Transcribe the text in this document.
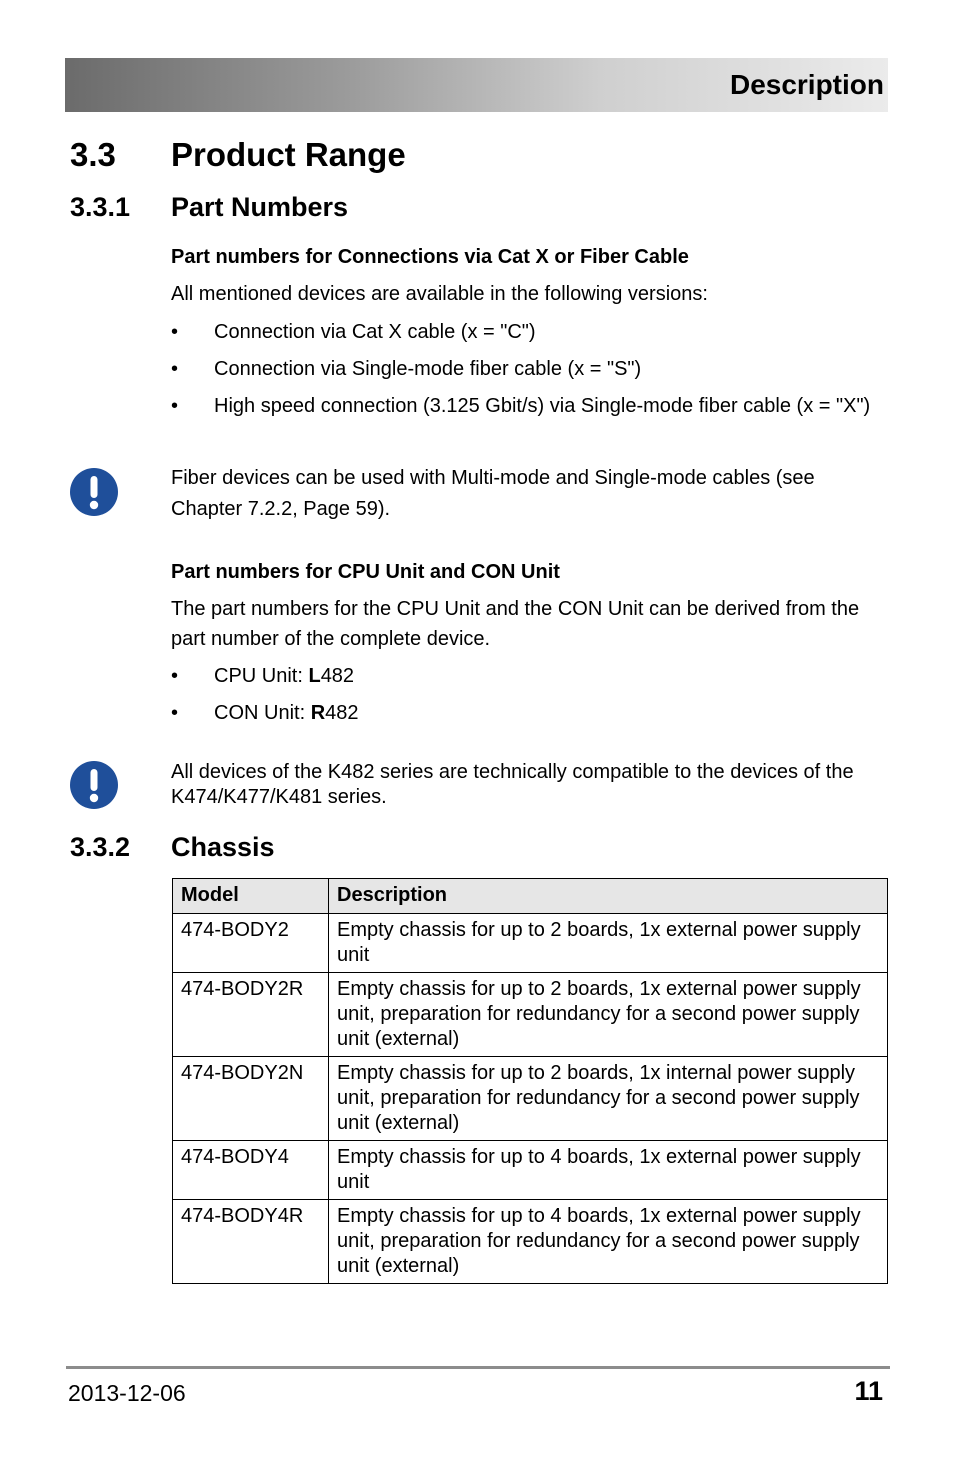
Description
3.3 Product Range
3.3.1 Part Numbers
Part numbers for Connections via Cat X or Fiber Cable
All mentioned devices are available in the following versions:
• Connection via Cat X cable (x = "C")
• Connection via Single-mode fiber cable (x = "S")
• High speed connection (3.125 Gbit/s) via Single-mode fiber cable (x = "X")
Fiber devices can be used with Multi-mode and Single-mode cables (see Chapter 7.2.2, Page 59).
Part numbers for CPU Unit and CON Unit
The part numbers for the CPU Unit and the CON Unit can be derived from the part number of the complete device.
• CPU Unit: L482
• CON Unit: R482
All devices of the K482 series are technically compatible to the devices of the K474/K477/K481 series.
3.3.2 Chassis
Model	Description
474-BODY2	Empty chassis for up to 2 boards, 1x external power supply unit
474-BODY2R	Empty chassis for up to 2 boards, 1x external power supply unit, preparation for redundancy for a second power supply unit (external)
474-BODY2N	Empty chassis for up to 2 boards, 1x internal power supply unit, preparation for redundancy for a second power supply unit (external)
474-BODY4	Empty chassis for up to 4 boards, 1x external power supply unit
474-BODY4R	Empty chassis for up to 4 boards, 1x external power supply unit, preparation for redundancy for a second power supply unit (external)
2013-12-06	11
